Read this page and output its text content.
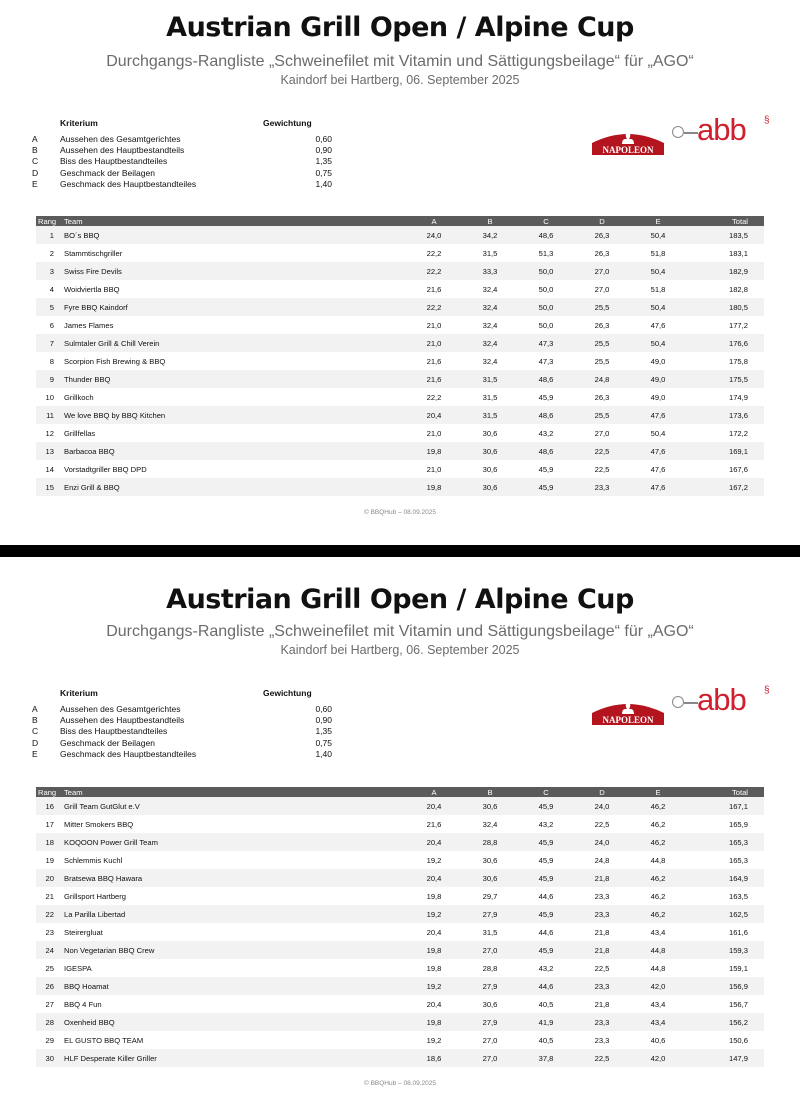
Austrian Grill Open / Alpine Cup
Durchgangs-Rangliste „Schweinefilet mit Vitamin und Sättigungsbeilage“ für „AGO“
Kaindorf bei Hartberg, 06. September 2025
Kriterium	Gewichtung
A	Aussehen des Gesamtgerichtes	0,60
B	Aussehen des Hauptbestandteils	0,90
C	Biss des Hauptbestandteiles	1,35
D	Geschmack der Beilagen	0,75
E	Geschmack des Hauptbestandteiles	1,40
NAPOLEON
abb §
Rang	Team	A	B	C	D	E	Total
1	BO´s BBQ	24,0	34,2	48,6	26,3	50,4	183,5
2	Stammtischgriller	22,2	31,5	51,3	26,3	51,8	183,1
3	Swiss Fire Devils	22,2	33,3	50,0	27,0	50,4	182,9
4	Woidviertla BBQ	21,6	32,4	50,0	27,0	51,8	182,8
5	Fyre BBQ Kaindorf	22,2	32,4	50,0	25,5	50,4	180,5
6	James Flames	21,0	32,4	50,0	26,3	47,6	177,2
7	Sulmtaler Grill & Chill Verein	21,0	32,4	47,3	25,5	50,4	176,6
8	Scorpion Fish Brewing & BBQ	21,6	32,4	47,3	25,5	49,0	175,8
9	Thunder BBQ	21,6	31,5	48,6	24,8	49,0	175,5
10	Grillkoch	22,2	31,5	45,9	26,3	49,0	174,9
11	We love BBQ by BBQ Kitchen	20,4	31,5	48,6	25,5	47,6	173,6
12	Grillfellas	21,0	30,6	43,2	27,0	50,4	172,2
13	Barbacoa BBQ	19,8	30,6	48,6	22,5	47,6	169,1
14	Vorstadtgriller BBQ DPD	21,0	30,6	45,9	22,5	47,6	167,6
15	Enzi Grill & BBQ	19,8	30,6	45,9	23,3	47,6	167,2
© BBQHub – 08.09.2025
Austrian Grill Open / Alpine Cup
Durchgangs-Rangliste „Schweinefilet mit Vitamin und Sättigungsbeilage“ für „AGO“
Kaindorf bei Hartberg, 06. September 2025
Kriterium	Gewichtung
A	Aussehen des Gesamtgerichtes	0,60
B	Aussehen des Hauptbestandteils	0,90
C	Biss des Hauptbestandteiles	1,35
D	Geschmack der Beilagen	0,75
E	Geschmack des Hauptbestandteiles	1,40
NAPOLEON
abb §
Rang	Team	A	B	C	D	E	Total
16	Grill Team GutGlut e.V	20,4	30,6	45,9	24,0	46,2	167,1
17	Mitter Smokers BBQ	21,6	32,4	43,2	22,5	46,2	165,9
18	KOQOON Power Grill Team	20,4	28,8	45,9	24,0	46,2	165,3
19	Schlemmis Kuchl	19,2	30,6	45,9	24,8	44,8	165,3
20	Bratsewa BBQ Hawara	20,4	30,6	45,9	21,8	46,2	164,9
21	Grillsport Hartberg	19,8	29,7	44,6	23,3	46,2	163,5
22	La Parilla Libertad	19,2	27,9	45,9	23,3	46,2	162,5
23	Steirergluat	20,4	31,5	44,6	21,8	43,4	161,6
24	Non Vegetarian BBQ Crew	19,8	27,0	45,9	21,8	44,8	159,3
25	IGESPA	19,8	28,8	43,2	22,5	44,8	159,1
26	BBQ Hoamat	19,2	27,9	44,6	23,3	42,0	156,9
27	BBQ 4 Fun	20,4	30,6	40,5	21,8	43,4	156,7
28	Oxenheid BBQ	19,8	27,9	41,9	23,3	43,4	156,2
29	EL GUSTO BBQ TEAM	19,2	27,0	40,5	23,3	40,6	150,6
30	HLF Desperate Killer Griller	18,6	27,0	37,8	22,5	42,0	147,9
© BBQHub – 08.09.2025
